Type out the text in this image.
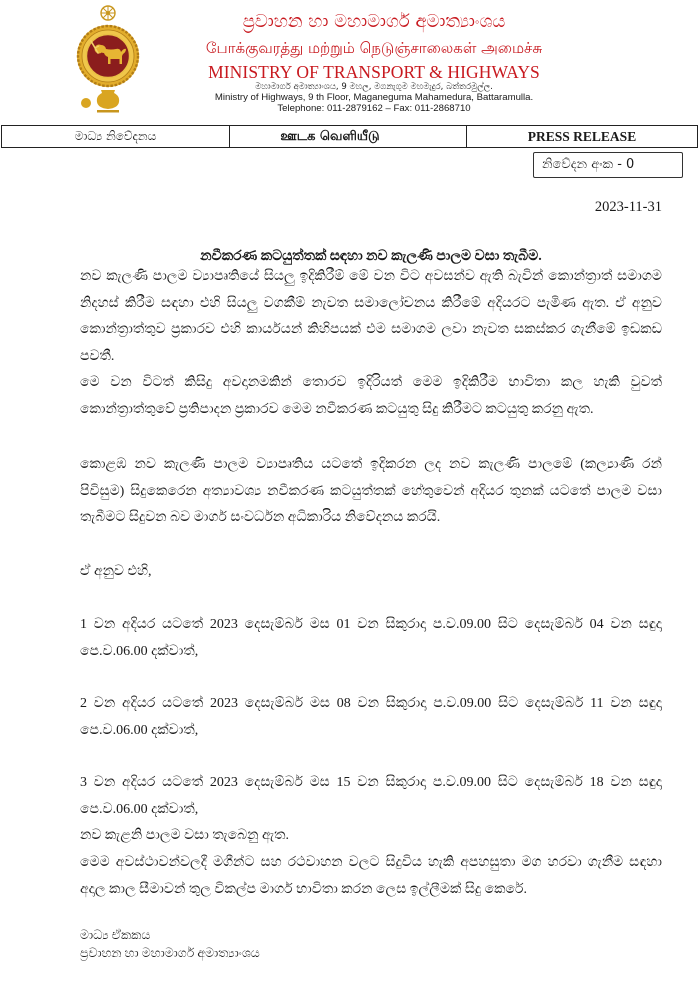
ප්‍රවාහන හා මහාමාර්ග අමාත්‍යාංශය
போக்குவரத்து மற்றும் நெடுஞ்சாலைகள் அமைச்சு
MINISTRY OF TRANSPORT & HIGHWAYS
මහාමාර්ග අමාත්‍යාංශය, 9 මහල, මගනැගුම මහමැදුර, බත්තරමුල්ල.
Ministry of Highways, 9 th Floor, Maganeguma Mahamedura, Battaramulla.
Telephone: 011-2879162 – Fax: 011-2868710
මාධ්‍ය නිවේදනය	ஊடக வெளியீடு	PRESS RELEASE
නිවේදන අංක - 0
2023-11-31
නවීකරණ කටයුත්තක් සඳහා නව කැලණි පාලම වසා තැබීම.
නව කැලණි පාලම ව්‍යාපෘතියේ සියලු ඉදිකිරීම් මේ වන විට අවසන්ව ඇති බැවින් කොන්ත්‍රාත් සමාගම
නිදහස් කිරීම සඳහා එහි සියලු වගකීම් නැවත සමාලෝචනය කිරීමේ අදියරට පැමිණ ඇත. ඒ අනුව
කොන්ත්‍රාත්තුව ප්‍රකාරව එහි කාර්යයන් කිහිපයක් එම සමාගම ලවා නැවත සකස්කර ගැනීමේ ඉඩකඩ
පවතී.
මෙ වන විටත් කිසිදු අවදානමකින් තොරව ඉදිරියත් මෙම ඉදිකිරීම භාවිතා කල හැකි වුවත්
කොන්ත්‍රාත්තුවේ ප්‍රතිපාදන ප්‍රකාරව මෙම නවීකරණ කටයුතු සිදු කිරීමට කටයුතු කරනු ඇත.
කොළඹ නව කැලණි පාලම ව්‍යාපෘතිය යටතේ ඉදිකරන ලද නව කැලණි පාලමේ (කල්‍යාණි රන්
පිවිසුම) සිදුකෙරෙන අත්‍යාවශ්‍ය නවීකරණ කටයුත්තක් හේතුවෙන් අදියර තුනක් යටතේ පාලම වසා
තැබීමට සිදුවන බව මාර්ග සංවර්ධන අධිකාරිය නිවේදනය කරයි.
ඒ අනුව එහි,
1 වන අදියර යටතේ 2023 දෙසැම්බර් මස 01 වන සිකුරාදා ප.ව.09.00 සිට දෙසැම්බර් 04 වන සඳුදා
පෙ.ව.06.00 දක්වාත්,
2 වන අදියර යටතේ 2023 දෙසැම්බර් මස 08 වන සිකුරාදා ප.ව.09.00 සිට දෙසැම්බර් 11 වන සඳුදා
පෙ.ව.06.00 දක්වාත්,
3 වන අදියර යටතේ 2023 දෙසැම්බර් මස 15 වන සිකුරාදා ප.ව.09.00 සිට දෙසැම්බර් 18 වන සඳුදා
පෙ.ව.06.00 දක්වාත්,
නව කැළනි පාලම වසා තැබෙනු ඇත.
මෙම අවස්ථාවන්වලදී මගීන්ට සහ රථවාහන වලට සිදුවිය හැකි අපහසුතා මග හරවා ගැනීම සඳහා
අදාල කාල සීමාවන් තුල විකල්ප මාර්ග භාවිතා කරන ලෙස ඉල්ලීමක් සිදු කෙරේ.
මාධ්‍ය ඒකකය
ප්‍රවාහන හා මහාමාර්ග අමාත්‍යාංශය
